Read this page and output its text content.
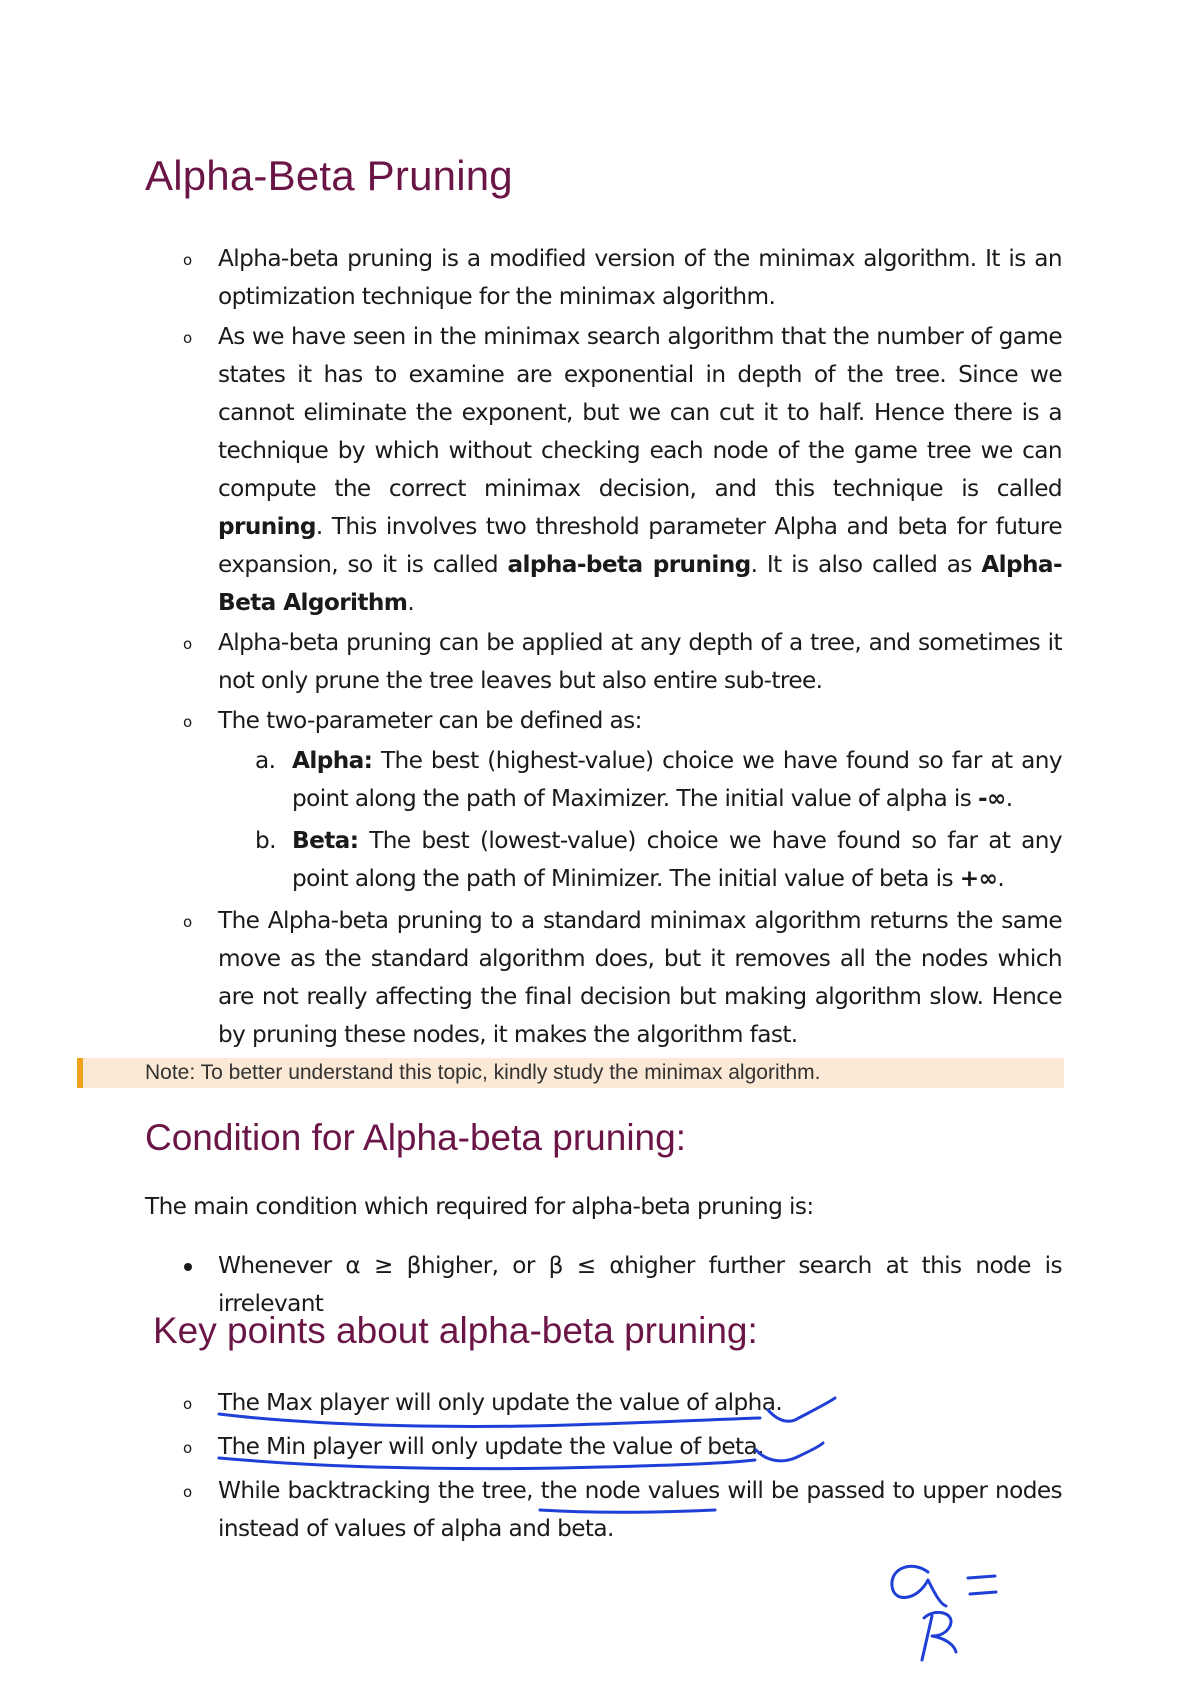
Alpha-Beta Pruning
o Alpha-beta pruning is a modified version of the minimax algorithm. It is an optimization technique for the minimax algorithm.
o As we have seen in the minimax search algorithm that the number of game states it has to examine are exponential in depth of the tree. Since we cannot eliminate the exponent, but we can cut it to half. Hence there is a technique by which without checking each node of the game tree we can compute the correct minimax decision, and this technique is called pruning. This involves two threshold parameter Alpha and beta for future expansion, so it is called alpha-beta pruning. It is also called as Alpha-Beta Algorithm.
o Alpha-beta pruning can be applied at any depth of a tree, and sometimes it not only prune the tree leaves but also entire sub-tree.
o The two-parameter can be defined as:
a. Alpha: The best (highest-value) choice we have found so far at any point along the path of Maximizer. The initial value of alpha is -∞.
b. Beta: The best (lowest-value) choice we have found so far at any point along the path of Minimizer. The initial value of beta is +∞.
o The Alpha-beta pruning to a standard minimax algorithm returns the same move as the standard algorithm does, but it removes all the nodes which are not really affecting the final decision but making algorithm slow. Hence by pruning these nodes, it makes the algorithm fast.
Note: To better understand this topic, kindly study the minimax algorithm.
Condition for Alpha-beta pruning:
The main condition which required for alpha-beta pruning is:
Whenever α ≥ βhigher, or β ≤ αhigher further search at this node is irrelevant
Key points about alpha-beta pruning:
o The Max player will only update the value of alpha.
o The Min player will only update the value of beta.
o While backtracking the tree, the node values will be passed to upper nodes instead of values of alpha and beta.
